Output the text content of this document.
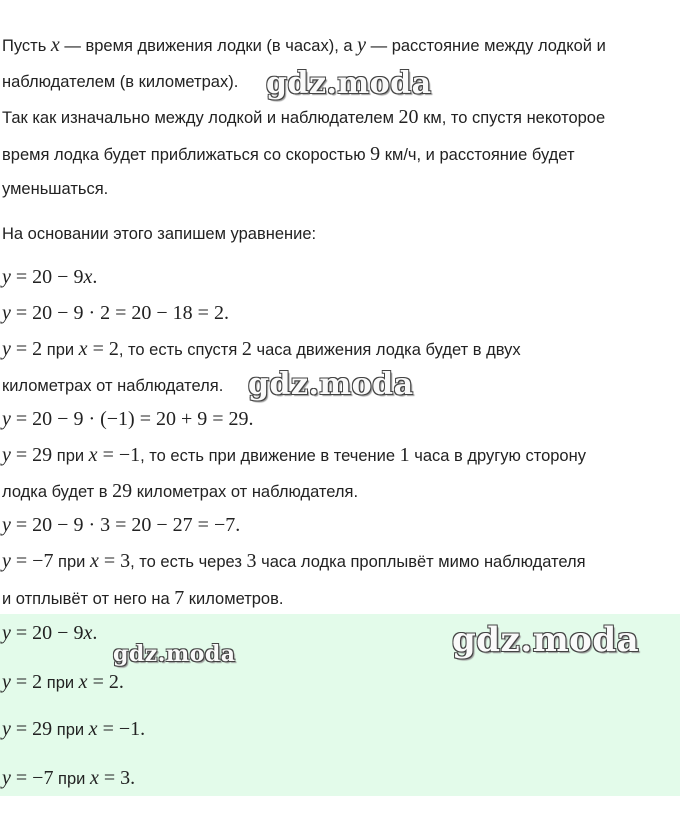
Пусть x — время движения лодки (в часах), а y — расстояние между лодкой и
наблюдателем (в километрах).
Так как изначально между лодкой и наблюдателем 20 км, то спустя некоторое
время лодка будет приближаться со скоростью 9 км/ч, и расстояние будет
уменьшаться.
На основании этого запишем уравнение:
y = 20 − 9x.
y = 20 − 9 · 2 = 20 − 18 = 2.
y = 2 при x = 2, то есть спустя 2 часа движения лодка будет в двух
километрах от наблюдателя.
y = 20 − 9 · (−1) = 20 + 9 = 29.
y = 29 при x = −1, то есть при движение в течение 1 часа в другую сторону
лодка будет в 29 километрах от наблюдателя.
y = 20 − 9 · 3 = 20 − 27 = −7.
y = −7 при x = 3, то есть через 3 часа лодка проплывёт мимо наблюдателя
и отплывёт от него на 7 километров.
y = 20 − 9x.
y = 2 при x = 2.
y = 29 при x = −1.
y = −7 при x = 3.
gdz.moda
gdz.moda
gdz.moda
gdz.moda
